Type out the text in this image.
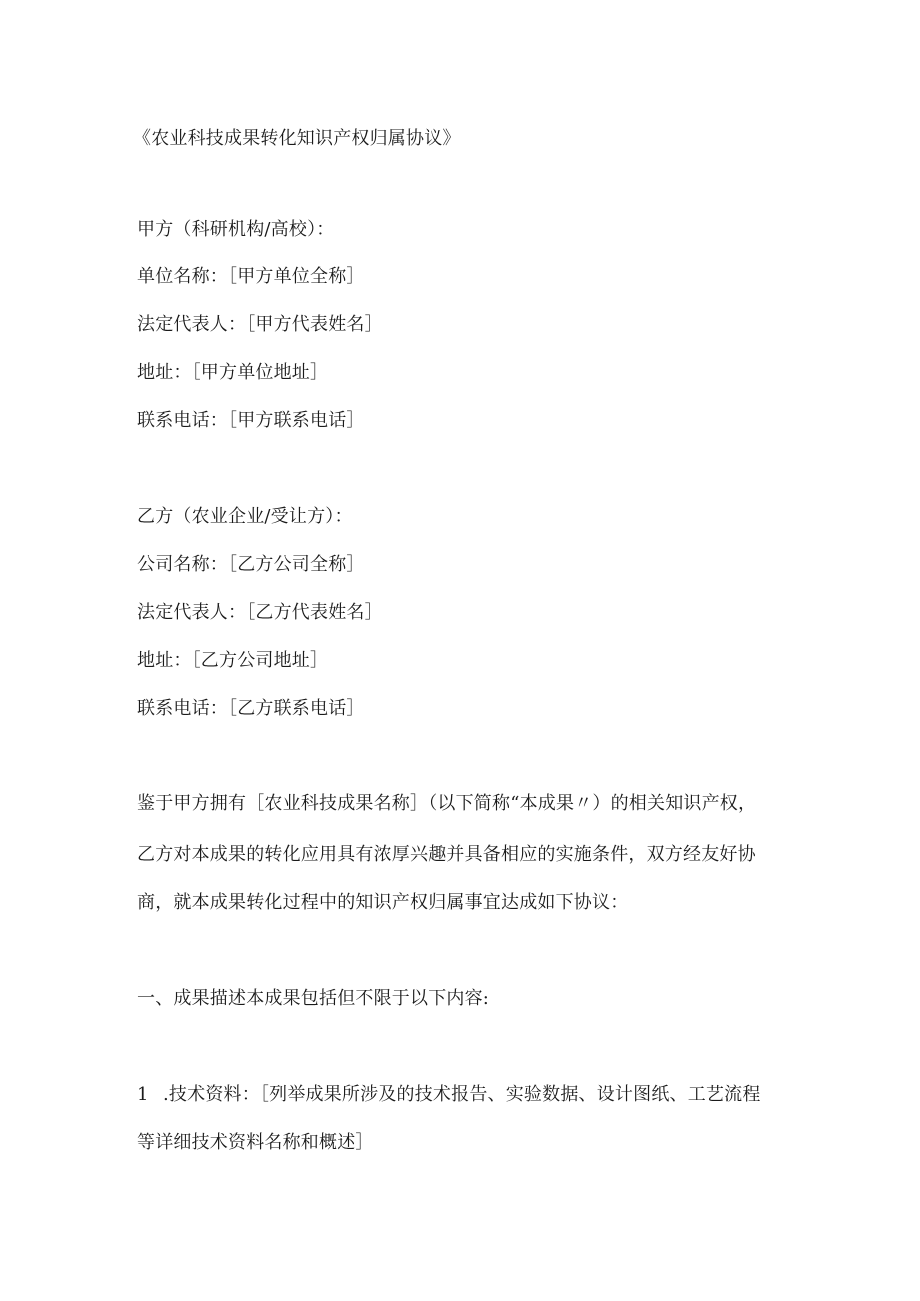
《农业科技成果转化知识产权归属协议》
甲方（科研机构/高校）：
单位名称：［甲方单位全称］
法定代表人：［甲方代表姓名］
地址：［甲方单位地址］
联系电话：［甲方联系电话］
乙方（农业企业/受让方）：
公司名称：［乙方公司全称］
法定代表人：［乙方代表姓名］
地址：［乙方公司地址］
联系电话：［乙方联系电话］
鉴于甲方拥有［农业科技成果名称］（以下简称“本成果〃）的相关知识产权，
乙方对本成果的转化应用具有浓厚兴趣并具备相应的实施条件，双方经友好协
商，就本成果转化过程中的知识产权归属事宜达成如下协议：
一、成果描述本成果包括但不限于以下内容:
1 .技术资料：［列举成果所涉及的技术报告、实验数据、设计图纸、工艺流程
等详细技术资料名称和概述］
